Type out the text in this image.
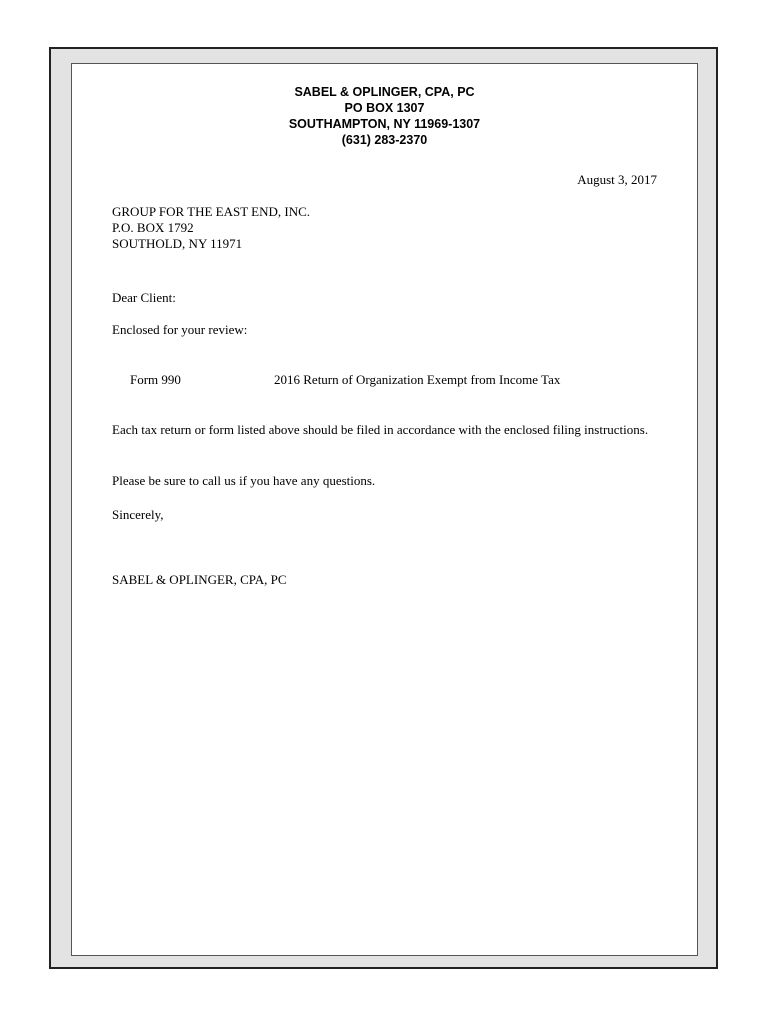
SABEL & OPLINGER, CPA, PC
PO BOX 1307
SOUTHAMPTON, NY 11969-1307
(631) 283-2370
August 3, 2017
GROUP FOR THE EAST END, INC.
P.O. BOX 1792
SOUTHOLD, NY 11971
Dear Client:
Enclosed for your review:
Form 990	2016 Return of Organization Exempt from Income Tax
Each tax return or form listed above should be filed in accordance with the enclosed filing instructions.
Please be sure to call us if you have any questions.
Sincerely,
SABEL & OPLINGER, CPA, PC
